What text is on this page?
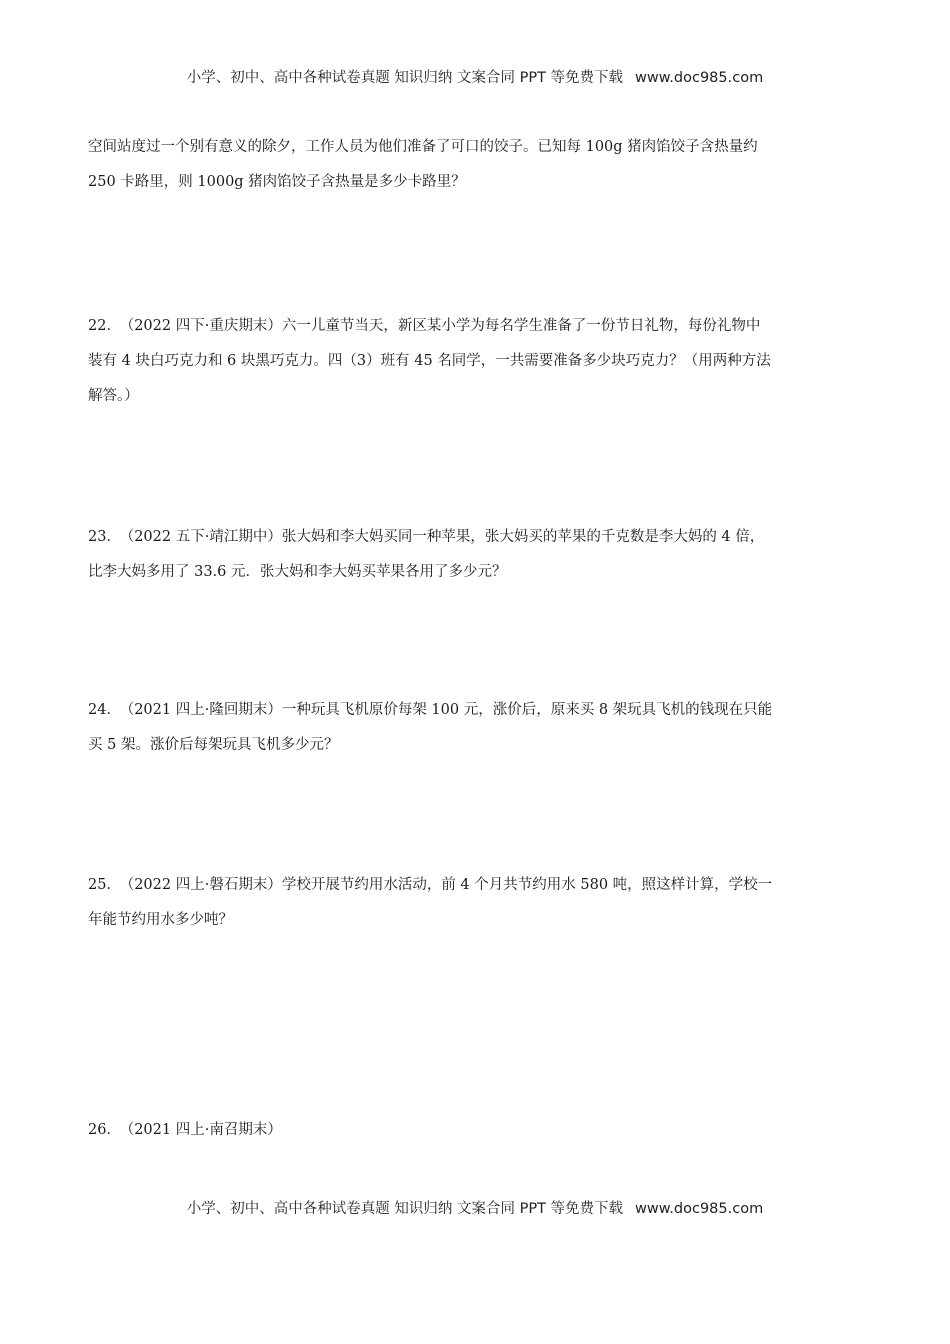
小学、初中、高中各种试卷真题 知识归纳 文案合同 PPT 等免费下载 www.doc985.com
空间站度过一个别有意义的除夕，工作人员为他们准备了可口的饺子。已知每 100g 猪肉馅饺子含热量约
250 卡路里，则 1000g 猪肉馅饺子含热量是多少卡路里？
22． （2022 四下·重庆期末）六一儿童节当天，新区某小学为每名学生准备了一份节日礼物，每份礼物中
装有 4 块白巧克力和 6 块黑巧克力。四（3）班有 45 名同学，一共需要准备多少块巧克力？（用两种方法
解答。）
23． （2022 五下·靖江期中）张大妈和李大妈买同一种苹果，张大妈买的苹果的千克数是李大妈的 4 倍，
比李大妈多用了 33.6 元．张大妈和李大妈买苹果各用了多少元？
24． （2021 四上·隆回期末）一种玩具飞机原价每架 100 元，涨价后，原来买 8 架玩具飞机的钱现在只能
买 5 架。涨价后每架玩具飞机多少元？
25． （2022 四上·磐石期末）学校开展节约用水活动，前 4 个月共节约用水 580 吨，照这样计算，学校一
年能节约用水多少吨？
26． （2021 四上·南召期末）
小学、初中、高中各种试卷真题 知识归纳 文案合同 PPT 等免费下载 www.doc985.com
